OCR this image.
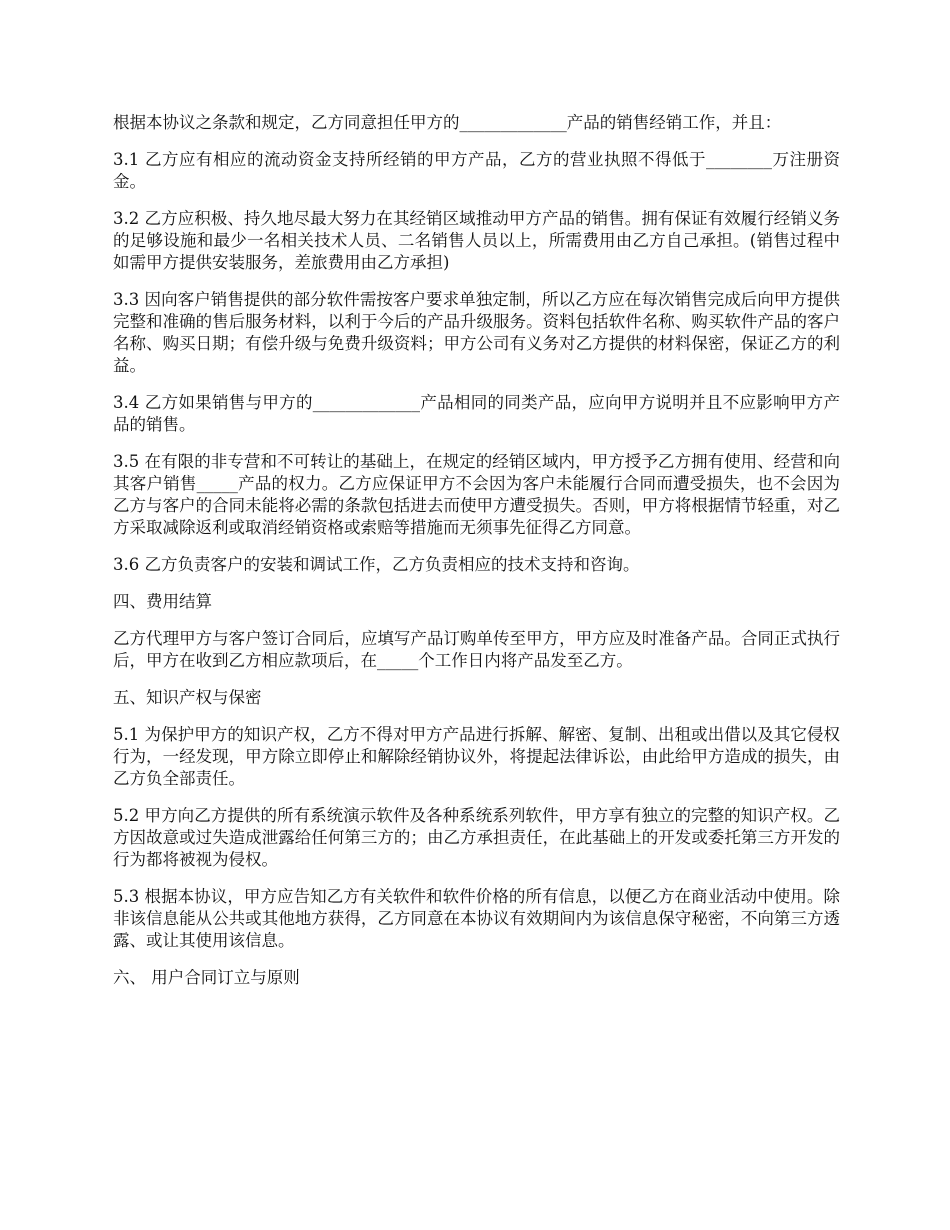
根据本协议之条款和规定，乙方同意担任甲方的_____________产品的销售经销工作，并且：

3.1 乙方应有相应的流动资金支持所经销的甲方产品，乙方的营业执照不得低于________万注册资金。

3.2 乙方应积极、持久地尽最大努力在其经销区域推动甲方产品的销售。拥有保证有效履行经销义务的足够设施和最少一名相关技术人员、二名销售人员以上，所需费用由乙方自己承担。(销售过程中如需甲方提供安装服务，差旅费用由乙方承担)

3.3 因向客户销售提供的部分软件需按客户要求单独定制，所以乙方应在每次销售完成后向甲方提供完整和准确的售后服务材料，以利于今后的产品升级服务。资料包括软件名称、购买软件产品的客户名称、购买日期；有偿升级与免费升级资料；甲方公司有义务对乙方提供的材料保密，保证乙方的利益。

3.4 乙方如果销售与甲方的_____________产品相同的同类产品，应向甲方说明并且不应影响甲方产品的销售。

3.5 在有限的非专营和不可转让的基础上，在规定的经销区域内，甲方授予乙方拥有使用、经营和向其客户销售_____产品的权力。乙方应保证甲方不会因为客户未能履行合同而遭受损失，也不会因为乙方与客户的合同未能将必需的条款包括进去而使甲方遭受损失。否则，甲方将根据情节轻重，对乙方采取减除返利或取消经销资格或索赔等措施而无须事先征得乙方同意。

3.6 乙方负责客户的安装和调试工作，乙方负责相应的技术支持和咨询。

四、费用结算

乙方代理甲方与客户签订合同后，应填写产品订购单传至甲方，甲方应及时准备产品。合同正式执行后，甲方在收到乙方相应款项后，在_____个工作日内将产品发至乙方。

五、知识产权与保密

5.1 为保护甲方的知识产权，乙方不得对甲方产品进行拆解、解密、复制、出租或出借以及其它侵权行为，一经发现，甲方除立即停止和解除经销协议外，将提起法律诉讼，由此给甲方造成的损失，由乙方负全部责任。

5.2 甲方向乙方提供的所有系统演示软件及各种系统系列软件，甲方享有独立的完整的知识产权。乙方因故意或过失造成泄露给任何第三方的；由乙方承担责任，在此基础上的开发或委托第三方开发的行为都将被视为侵权。

5.3 根据本协议，甲方应告知乙方有关软件和软件价格的所有信息，以便乙方在商业活动中使用。除非该信息能从公共或其他地方获得，乙方同意在本协议有效期间内为该信息保守秘密，不向第三方透露、或让其使用该信息。

六、 用户合同订立与原则
